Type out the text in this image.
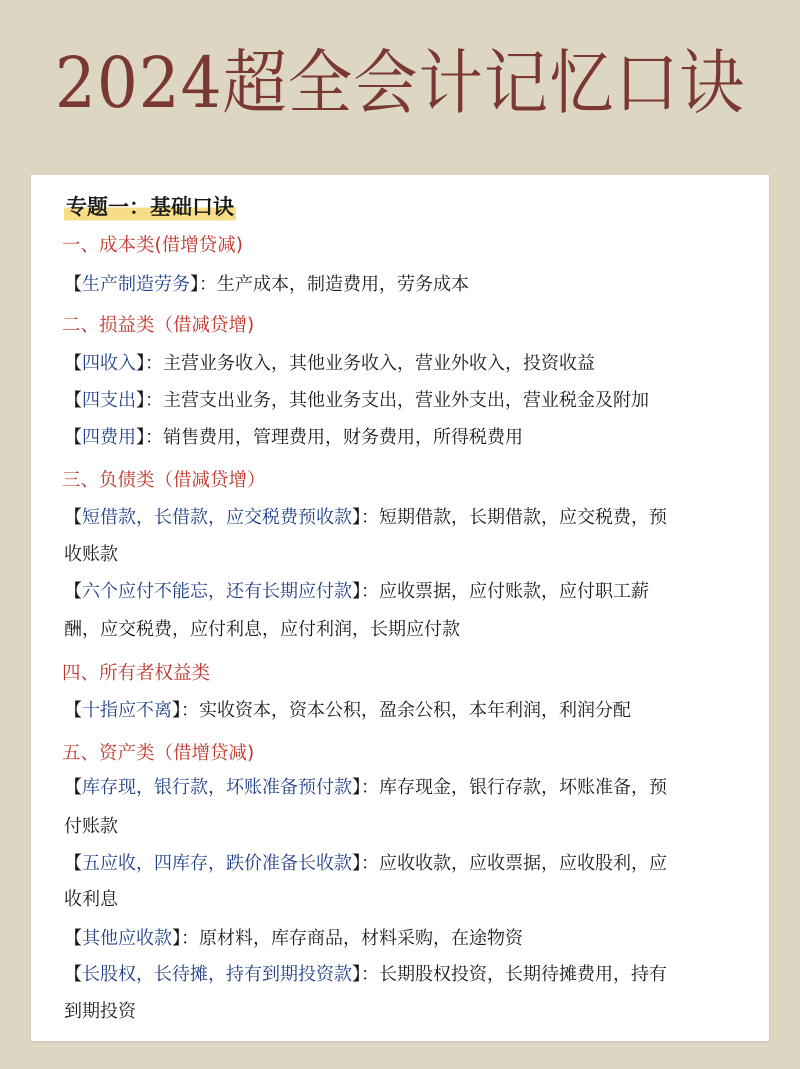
2024超全会计记忆口诀
专题一：基础口诀
一、成本类(借增贷减)
【生产制造劳务】：生产成本，制造费用，劳务成本
二、损益类（借减贷增)
【四收入】：主营业务收入，其他业务收入，营业外收入，投资收益
【四支出】：主营支出业务，其他业务支出，营业外支出，营业税金及附加
【四费用】：销售费用，管理费用，财务费用，所得税费用
三、负债类（借减贷增）
【短借款，长借款，应交税费预收款】：短期借款，长期借款，应交税费，预
收账款
【六个应付不能忘，还有长期应付款】：应收票据，应付账款，应付职工薪
酬，应交税费，应付利息，应付利润，长期应付款
四、所有者权益类
【十指应不离】：实收资本，资本公积，盈余公积，本年利润，利润分配
五、资产类（借增贷减)
【库存现，银行款，坏账准备预付款】：库存现金，银行存款，坏账准备，预
付账款
【五应收，四库存，跌价准备长收款】：应收收款，应收票据，应收股利，应
收利息
【其他应收款】：原材料，库存商品，材料采购，在途物资
【长股权，长待摊，持有到期投资款】：长期股权投资，长期待摊费用，持有
到期投资
